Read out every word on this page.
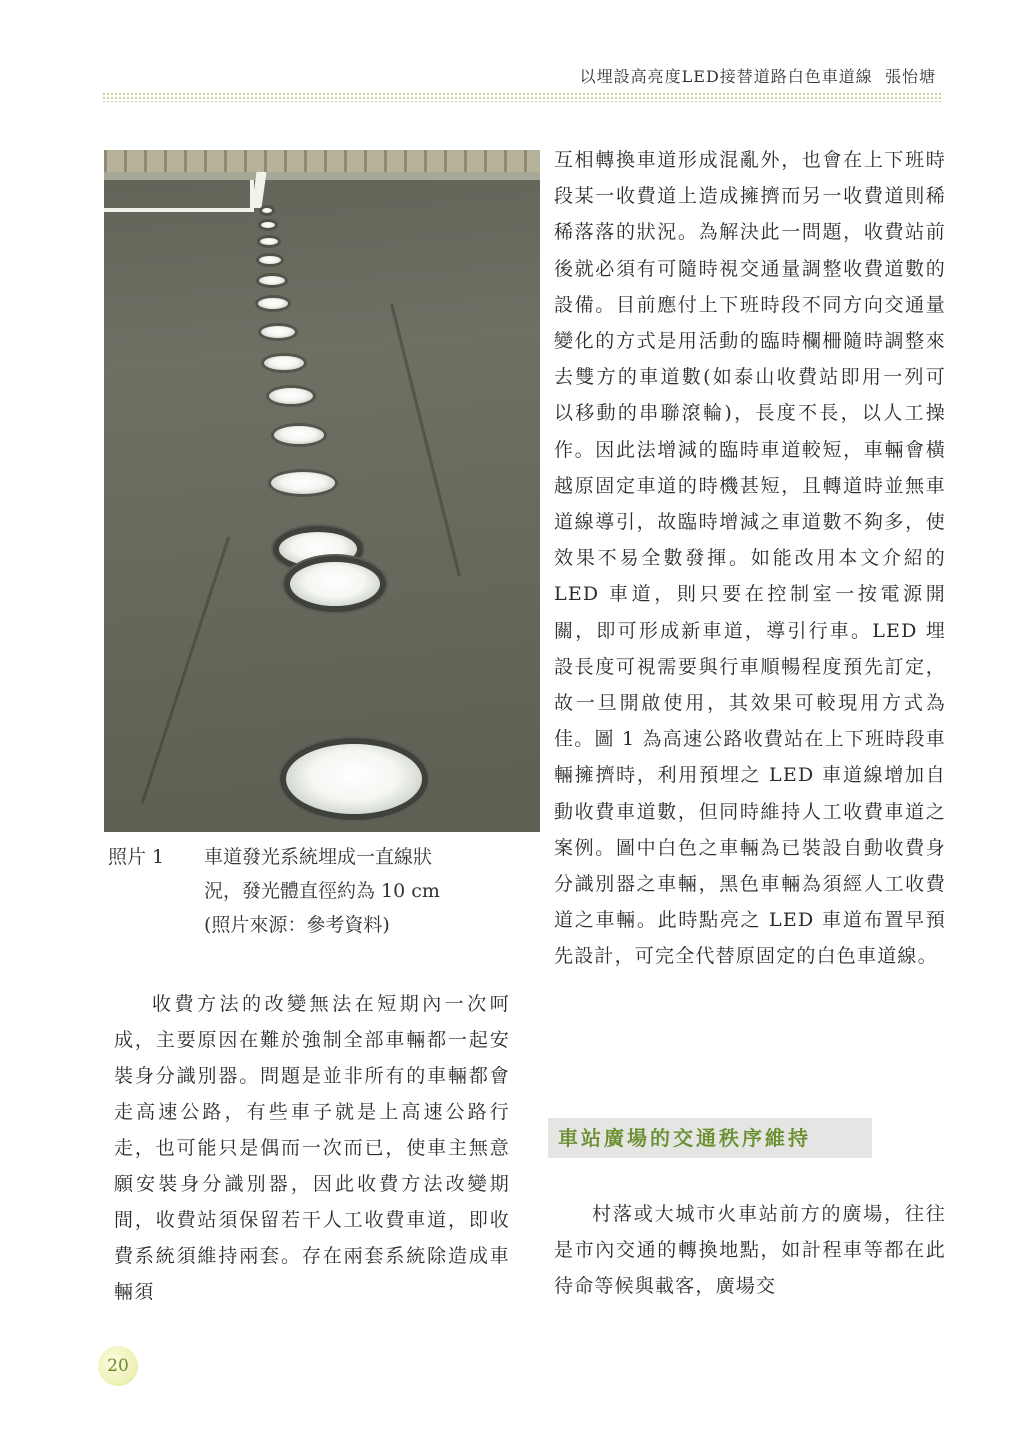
以埋設高亮度LED接替道路白色車道線 張怡塘
照片 1 車道發光系統埋成一直線狀
況，發光體直徑約為 10 cm
(照片來源：參考資料)

收費方法的改變無法在短期內一次呵成，主要原因在難於強制全部車輛都一起安裝身分識別器。問題是並非所有的車輛都會走高速公路，有些車子就是上高速公路行走，也可能只是偶而一次而已，使車主無意願安裝身分識別器，因此收費方法改變期間，收費站須保留若干人工收費車道，即收費系統須維持兩套。存在兩套系統除造成車輛須

互相轉換車道形成混亂外，也會在上下班時段某一收費道上造成擁擠而另一收費道則稀稀落落的狀況。為解決此一問題，收費站前後就必須有可隨時視交通量調整收費道數的設備。目前應付上下班時段不同方向交通量變化的方式是用活動的臨時欄柵隨時調整來去雙方的車道數(如泰山收費站即用一列可以移動的串聯滾輪)，長度不長，以人工操作。因此法增減的臨時車道較短，車輛會橫越原固定車道的時機甚短，且轉道時並無車道線導引，故臨時增減之車道數不夠多，使效果不易全數發揮。如能改用本文介紹的 LED 車道，則只要在控制室一按電源開關，即可形成新車道，導引行車。LED 埋設長度可視需要與行車順暢程度預先訂定，故一旦開啟使用，其效果可較現用方式為佳。圖 1 為高速公路收費站在上下班時段車輛擁擠時，利用預埋之 LED 車道線增加自動收費車道數，但同時維持人工收費車道之案例。圖中白色之車輛為已裝設自動收費身分識別器之車輛，黑色車輛為須經人工收費道之車輛。此時點亮之 LED 車道布置早預先設計，可完全代替原固定的白色車道線。

車站廣場的交通秩序維持

村落或大城市火車站前方的廣場，往往是市內交通的轉換地點，如計程車等都在此待命等候與載客，廣場交

20
